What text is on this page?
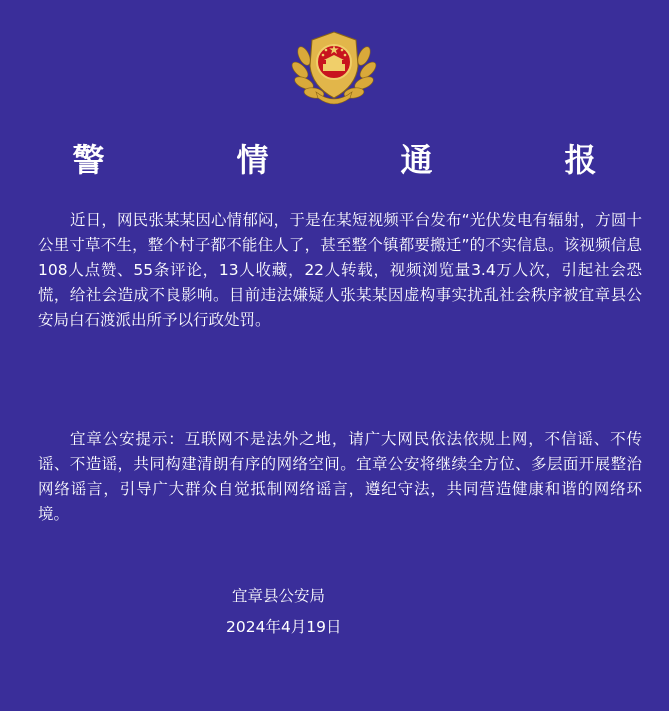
警　情　通　报

近日，网民张某某因心情郁闷，于是在某短视频平台发布“光伏发电有辐射，方圆十公里寸草不生，整个村子都不能住人了，甚至整个镇都要搬迁”的不实信息。该视频信息108人点赞、55条评论，13人收藏，22人转载，视频浏览量3.4万人次，引起社会恐慌，给社会造成不良影响。目前违法嫌疑人张某某因虚构事实扰乱社会秩序被宜章县公安局白石渡派出所予以行政处罚。

宜章公安提示：互联网不是法外之地，请广大网民依法依规上网，不信谣、不传谣、不造谣，共同构建清朗有序的网络空间。宜章公安将继续全方位、多层面开展整治网络谣言，引导广大群众自觉抵制网络谣言，遵纪守法，共同营造健康和谐的网络环境。

宜章县公安局
2024年4月19日
